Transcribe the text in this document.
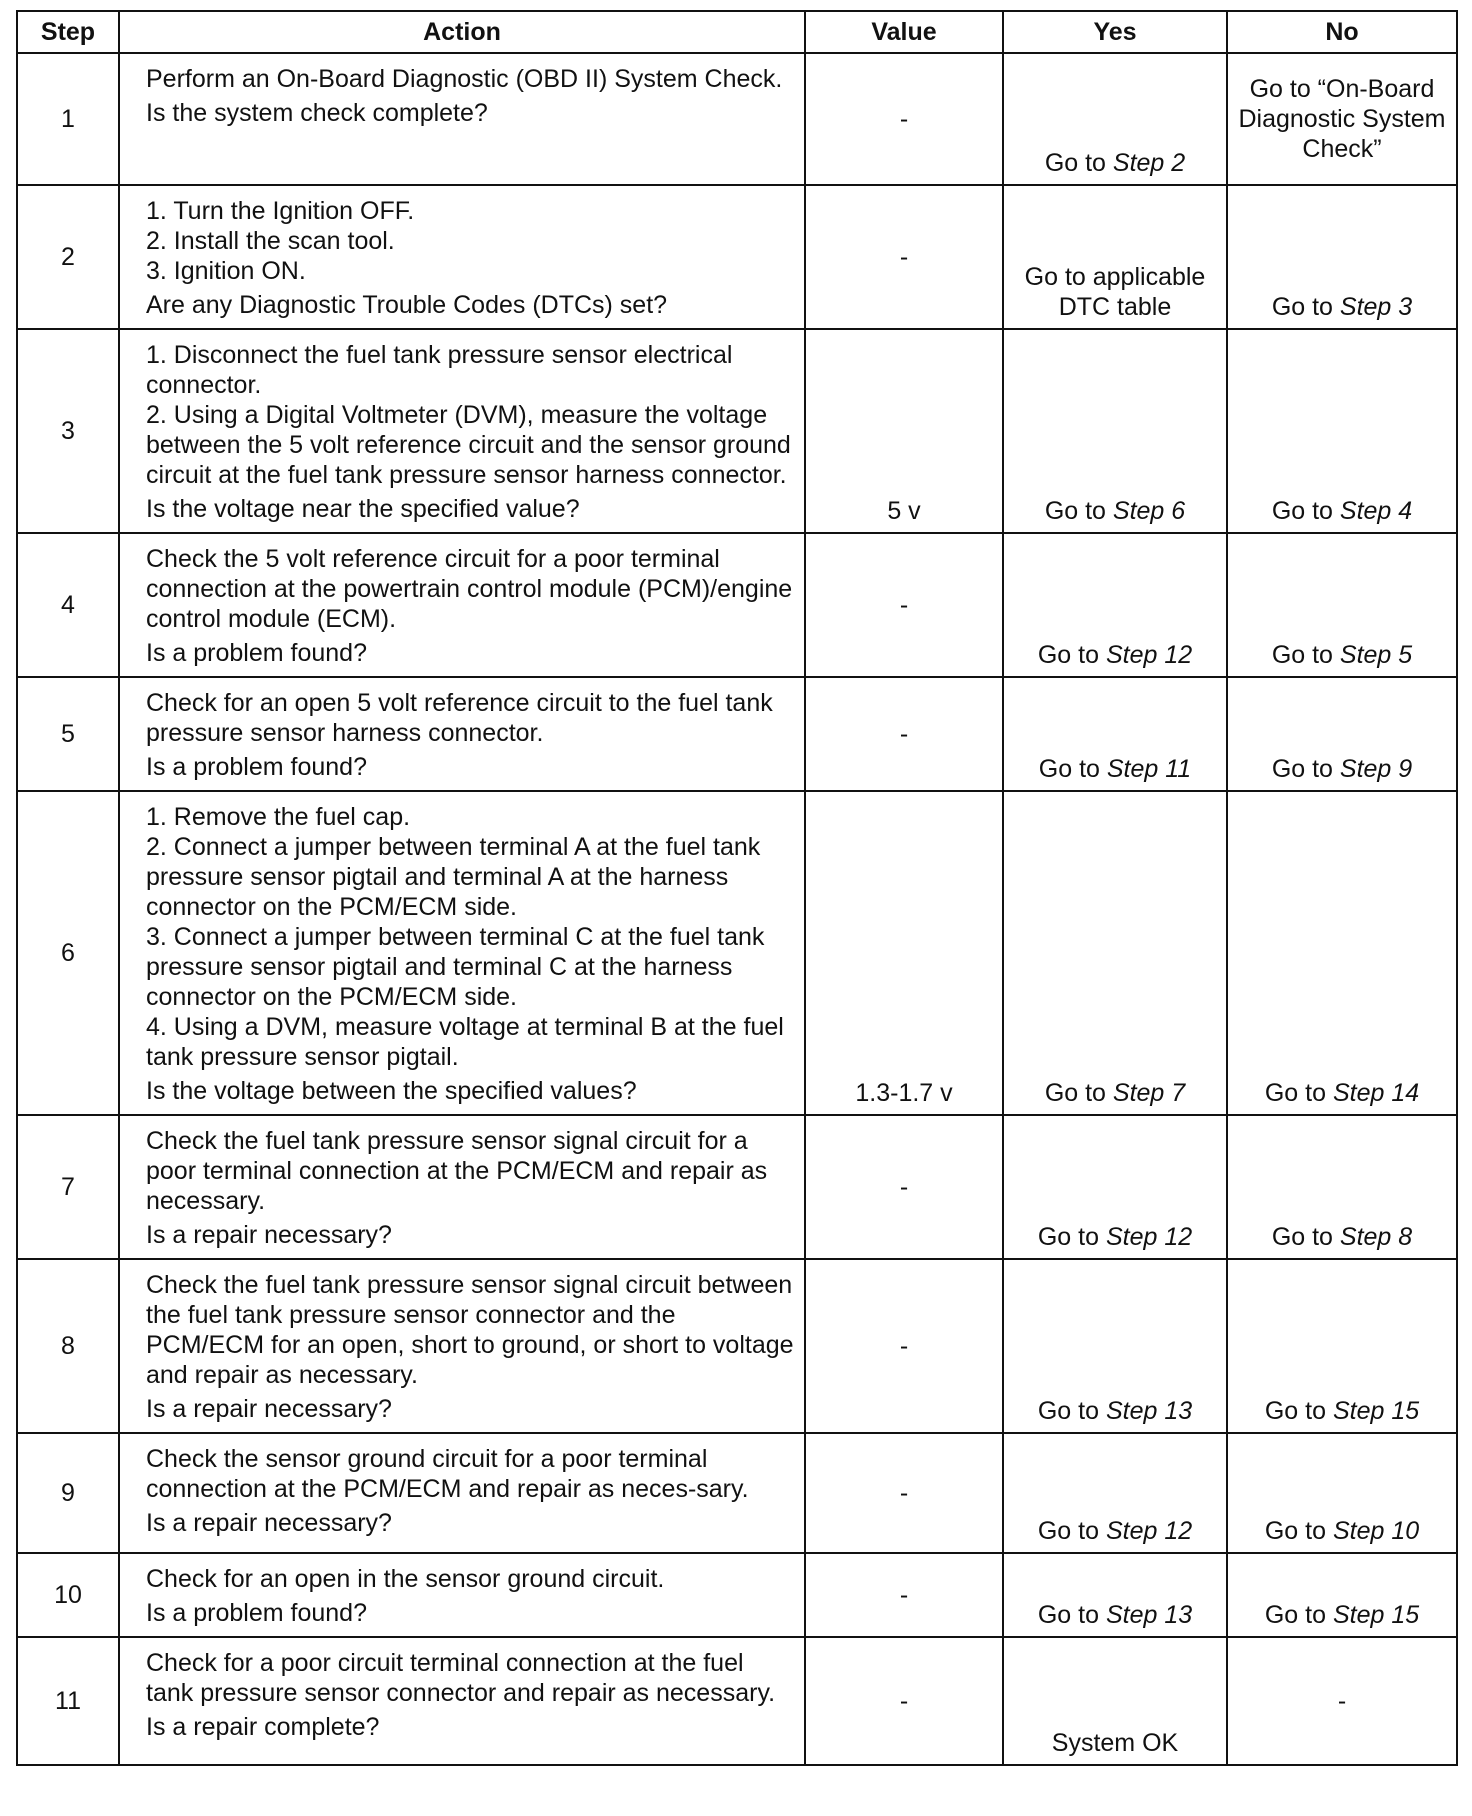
Step	Action	Value	Yes	No
1	Perform an On-Board Diagnostic (OBD II) System Check.
Is the system check complete?	-	Go to Step 2	Go to “On-Board Diagnostic System Check”
2	1. Turn the Ignition OFF.
2. Install the scan tool.
3. Ignition ON.
Are any Diagnostic Trouble Codes (DTCs) set?	-	Go to applicable DTC table	Go to Step 3
3	1. Disconnect the fuel tank pressure sensor electrical connector.
2. Using a Digital Voltmeter (DVM), measure the voltage between the 5 volt reference circuit and the sensor ground circuit at the fuel tank pressure sensor harness connector.
Is the voltage near the specified value?	5 v	Go to Step 6	Go to Step 4
4	Check the 5 volt reference circuit for a poor terminal connection at the powertrain control module (PCM)/engine control module (ECM).
Is a problem found?	-	Go to Step 12	Go to Step 5
5	Check for an open 5 volt reference circuit to the fuel tank pressure sensor harness connector.
Is a problem found?	-	Go to Step 11	Go to Step 9
6	1. Remove the fuel cap.
2. Connect a jumper between terminal A at the fuel tank pressure sensor pigtail and terminal A at the harness connector on the PCM/ECM side.
3. Connect a jumper between terminal C at the fuel tank pressure sensor pigtail and terminal C at the harness connector on the PCM/ECM side.
4. Using a DVM, measure voltage at terminal B at the fuel tank pressure sensor pigtail.
Is the voltage between the specified values?	1.3-1.7 v	Go to Step 7	Go to Step 14
7	Check the fuel tank pressure sensor signal circuit for a poor terminal connection at the PCM/ECM and repair as necessary.
Is a repair necessary?	-	Go to Step 12	Go to Step 8
8	Check the fuel tank pressure sensor signal circuit between the fuel tank pressure sensor connector and the PCM/ECM for an open, short to ground, or short to voltage and repair as necessary.
Is a repair necessary?	-	Go to Step 13	Go to Step 15
9	Check the sensor ground circuit for a poor terminal connection at the PCM/ECM and repair as neces-sary.
Is a repair necessary?	-	Go to Step 12	Go to Step 10
10	Check for an open in the sensor ground circuit.
Is a problem found?	-	Go to Step 13	Go to Step 15
11	Check for a poor circuit terminal connection at the fuel tank pressure sensor connector and repair as necessary.
Is a repair complete?	-	System OK	-
